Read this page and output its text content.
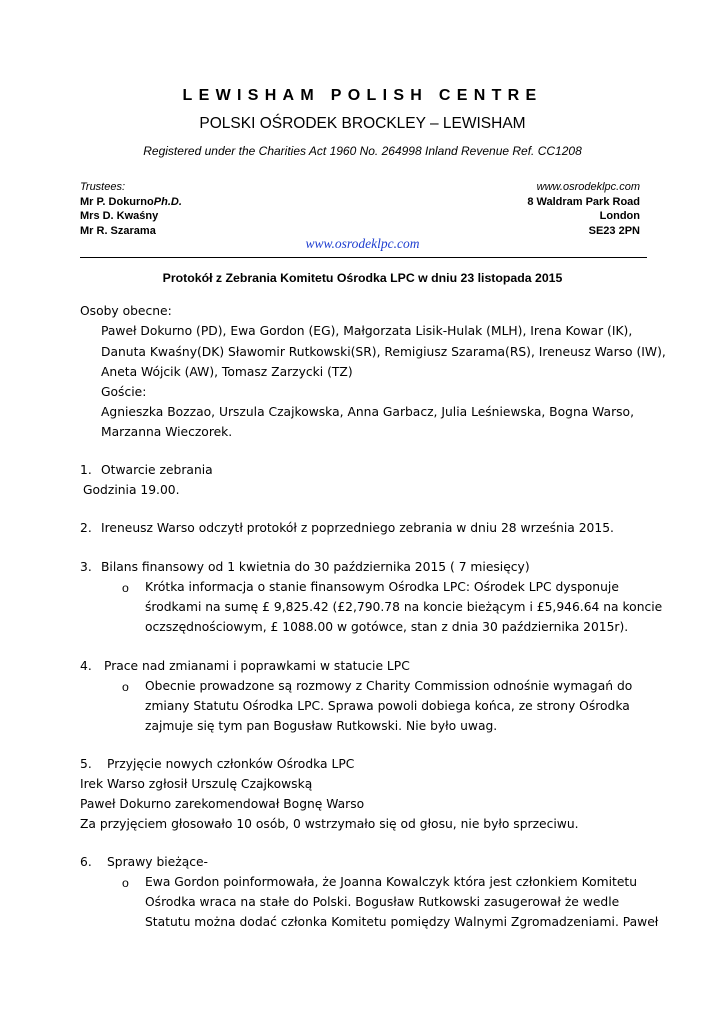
LEWISHAM POLISH CENTRE
POLSKI OŚRODEK BROCKLEY – LEWISHAM
Registered under the Charities Act 1960 No. 264998 Inland Revenue Ref. CC1208
Trustees:	www.osrodeklpc.com
Mr P. DokurnoPh.D.	8 Waldram Park Road
Mrs D. Kwaśny	London
Mr R. Szarama	SE23 2PN
www.osrodeklpc.com
Protokół z Zebrania Komitetu Ośrodka LPC w dniu 23 listopada 2015
Osoby obecne:
Paweł Dokurno (PD), Ewa Gordon (EG), Małgorzata Lisik-Hulak (MLH), Irena Kowar (IK),
Danuta Kwaśny(DK) Sławomir Rutkowski(SR), Remigiusz Szarama(RS), Ireneusz Warso (IW),
Aneta Wójcik (AW), Tomasz Zarzycki (TZ)
Goście:
Agnieszka Bozzao, Urszula Czajkowska, Anna Garbacz, Julia Leśniewska, Bogna Warso,
Marzanna Wieczorek.
1. Otwarcie zebrania
Godzinia 19.00.
2. Ireneusz Warso odczytł protokół z poprzedniego zebrania w dniu 28 września 2015.
3. Bilans finansowy od 1 kwietnia do 30 października 2015 ( 7 miesięcy)
o Krótka informacja o stanie finansowym Ośrodka LPC: Ośrodek LPC dysponuje
środkami na sumę £ 9,825.42 (£2,790.78 na koncie bieżącym i £5,946.64 na koncie
oczszędnościowym, £ 1088.00 w gotówce, stan z dnia 30 października 2015r).
4. Prace nad zmianami i poprawkami w statucie LPC
o Obecnie prowadzone są rozmowy z Charity Commission odnośnie wymagań do
zmiany Statutu Ośrodka LPC. Sprawa powoli dobiega końca, ze strony Ośrodka
zajmuje się tym pan Bogusław Rutkowski. Nie było uwag.
5. Przyjęcie nowych członków Ośrodka LPC
Irek Warso zgłosił Urszulę Czajkowską
Paweł Dokurno zarekomendował Bognę Warso
Za przyjęciem głosowało 10 osób, 0 wstrzymało się od głosu, nie było sprzeciwu.
6. Sprawy bieżące-
o Ewa Gordon poinformowała, że Joanna Kowalczyk która jest członkiem Komitetu
Ośrodka wraca na stałe do Polski. Bogusław Rutkowski zasugerował że wedle
Statutu można dodać członka Komitetu pomiędzy Walnymi Zgromadzeniami. Paweł
